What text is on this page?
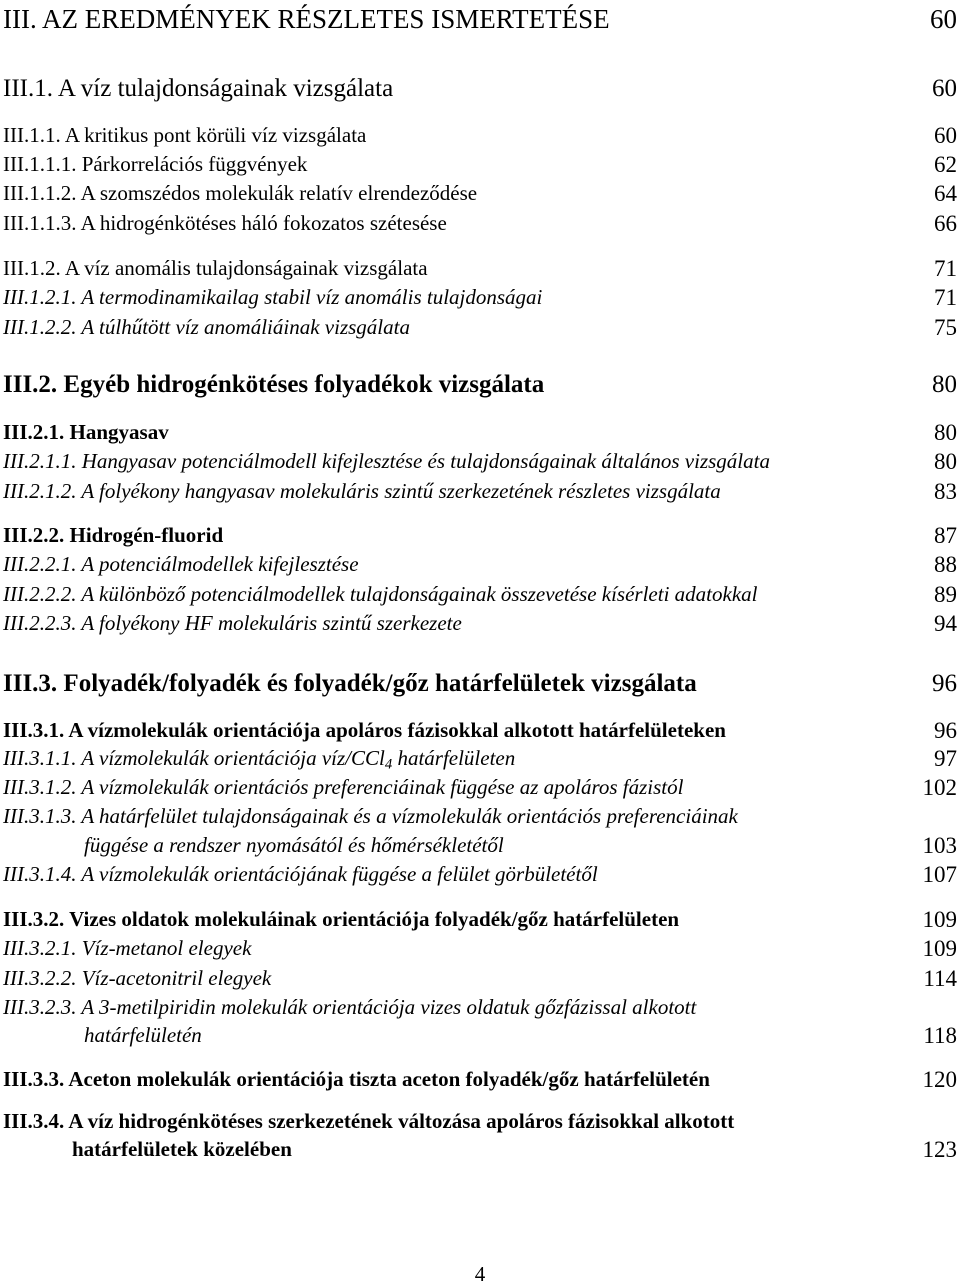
III. AZ EREDMÉNYEK RÉSZLETES ISMERTETÉSE	60
III.1. A víz tulajdonságainak vizsgálata	60
III.1.1. A kritikus pont körüli víz vizsgálata	60
III.1.1.1. Párkorrelációs függvények	62
III.1.1.2. A szomszédos molekulák relatív elrendeződése	64
III.1.1.3. A hidrogénkötéses háló fokozatos szétesése	66
III.1.2. A víz anomális tulajdonságainak vizsgálata	71
III.1.2.1. A termodinamikailag stabil víz anomális tulajdonságai	71
III.1.2.2. A túlhűtött víz anomáliáinak vizsgálata	75
III.2. Egyéb hidrogénkötéses folyadékok vizsgálata	80
III.2.1. Hangyasav	80
III.2.1.1. Hangyasav potenciálmodell kifejlesztése és tulajdonságainak általános vizsgálata	80
III.2.1.2. A folyékony hangyasav molekuláris szintű szerkezetének részletes vizsgálata	83
III.2.2. Hidrogén-fluorid	87
III.2.2.1. A potenciálmodellek kifejlesztése	88
III.2.2.2. A különböző potenciálmodellek tulajdonságainak összevetése kísérleti adatokkal	89
III.2.2.3. A folyékony HF molekuláris szintű szerkezete	94
III.3. Folyadék/folyadék és folyadék/gőz határfelületek vizsgálata	96
III.3.1. A vízmolekulák orientációja apoláros fázisokkal alkotott határfelületeken	96
III.3.1.1. A vízmolekulák orientációja víz/CCl$_4$ határfelületen	97
III.3.1.2. A vízmolekulák orientációs preferenciáinak függése az apoláros fázistól	102
III.3.1.3. A határfelület tulajdonságainak és a vízmolekulák orientációs preferenciáinak
függése a rendszer nyomásától és hőmérsékletétől	103
III.3.1.4. A vízmolekulák orientációjának függése a felület görbületétől	107
III.3.2. Vizes oldatok molekuláinak orientációja folyadék/gőz határfelületen	109
III.3.2.1. Víz-metanol elegyek	109
III.3.2.2. Víz-acetonitril elegyek	114
III.3.2.3. A 3-metilpiridin molekulák orientációja vizes oldatuk gőzfázissal alkotott
határfelületén	118
III.3.3. Aceton molekulák orientációja tiszta aceton folyadék/gőz határfelületén	120
III.3.4. A víz hidrogénkötéses szerkezetének változása apoláros fázisokkal alkotott
határfelületek közelében	123
4
